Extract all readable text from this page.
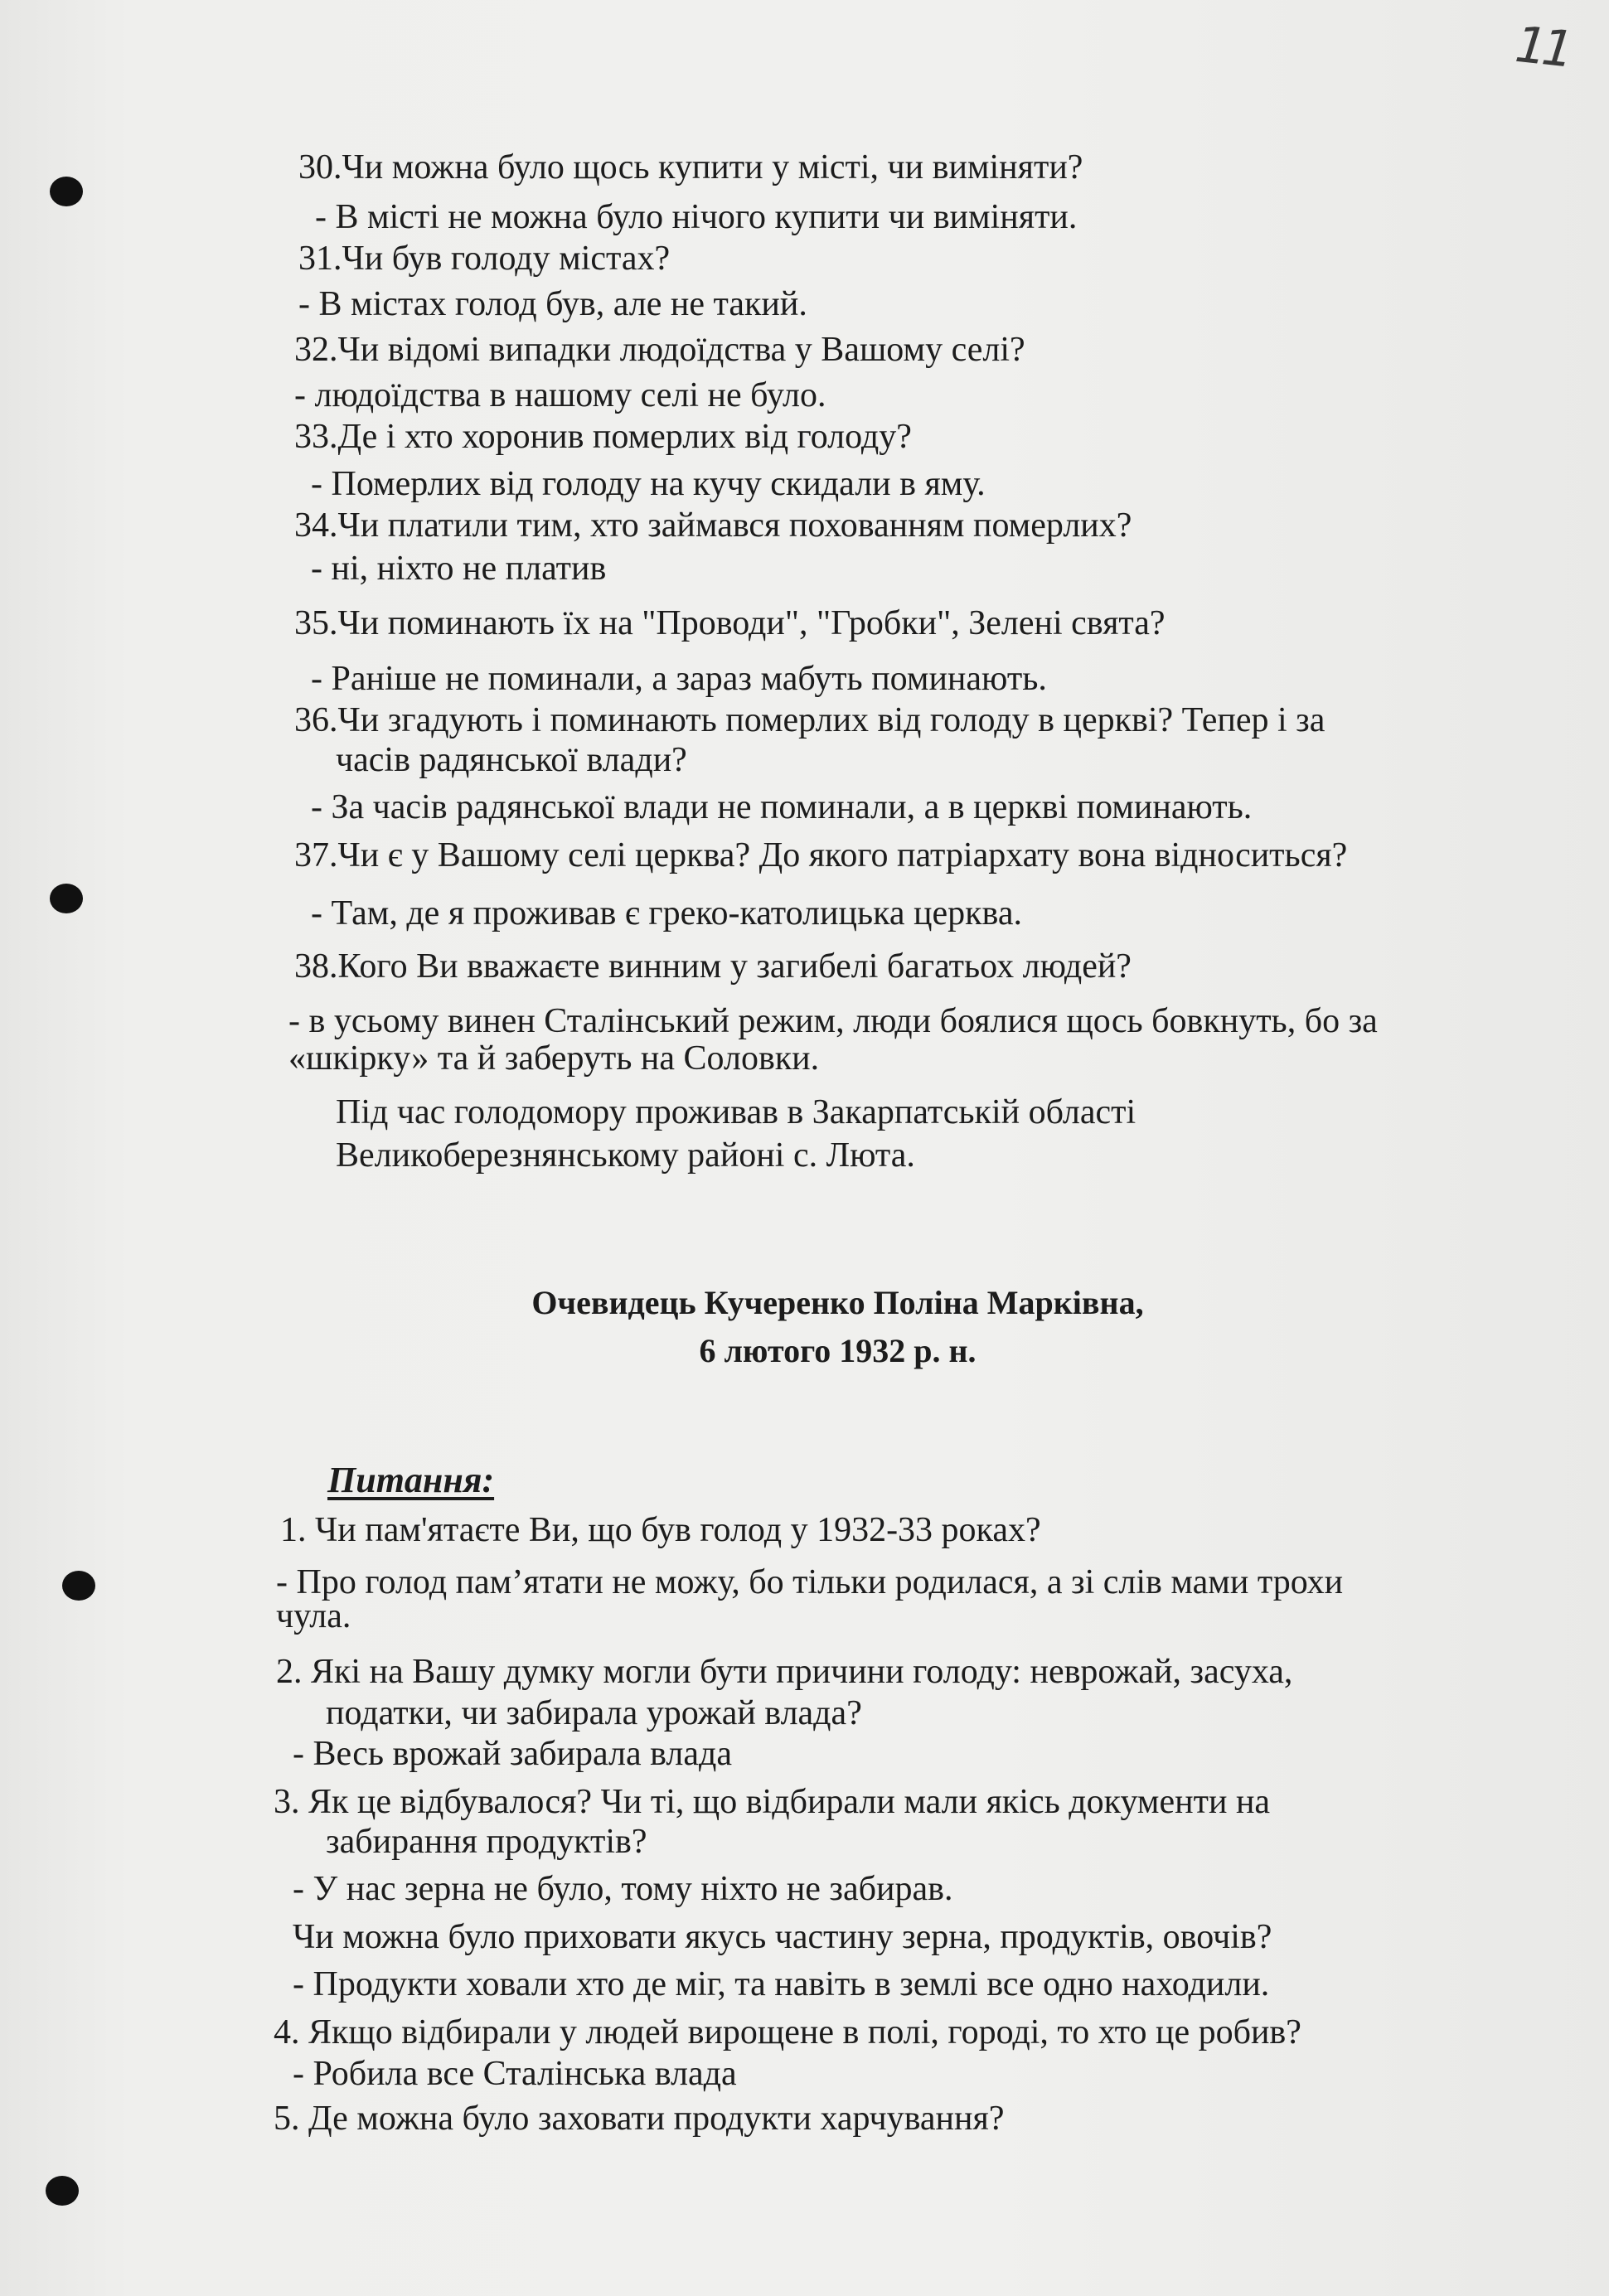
11
30.Чи можна було щось купити у місті, чи виміняти?
- В місті не можна було нічого купити чи виміняти.
31.Чи був голоду містах?
- В містах голод був, але не такий.
32.Чи відомі випадки людоїдства у Вашому селі?
- людоїдства в нашому селі не було.
33.Де і хто хоронив померлих від голоду?
- Померлих від голоду на кучу скидали в яму.
34.Чи платили тим, хто займався похованням померлих?
- ні, ніхто не платив
35.Чи поминають їх на "Проводи", "Гробки", Зелені свята?
- Раніше не поминали, а зараз мабуть поминають.
36.Чи згадують і поминають померлих від голоду в церкві? Тепер і за
часів радянської влади?
- За часів радянської влади не поминали, а в церкві поминають.
37.Чи є у Вашому селі церква? До якого патріархату вона відноситься?
- Там, де я проживав є греко-католицька церква.
38.Кого Ви вважаєте винним у загибелі багатьох людей?
- в усьому винен Сталінський режим, люди боялися щось бовкнуть, бо за
«шкірку» та й заберуть на Соловки.
Під час голодомору проживав в Закарпатській області
Великоберезнянському районі с. Люта.
Очевидець Кучеренко Поліна Марківна,
6 лютого 1932 р. н.
Питання:
1. Чи пам'ятаєте Ви, що був голод у 1932-33 роках?
- Про голод пам’ятати не можу, бо тільки родилася, а зі слів мами трохи
чула.
2. Які на Вашу думку могли бути причини голоду: неврожай, засуха,
податки, чи забирала урожай влада?
- Весь врожай забирала влада
3. Як це відбувалося? Чи ті, що відбирали мали якісь документи на
забирання продуктів?
- У нас зерна не було, тому ніхто не забирав.
Чи можна було приховати якусь частину зерна, продуктів, овочів?
- Продукти ховали хто де міг, та навіть в землі все одно находили.
4. Якщо відбирали у людей вирощене в полі, городі, то хто це робив?
- Робила все Сталінська влада
5. Де можна було заховати продукти харчування?
